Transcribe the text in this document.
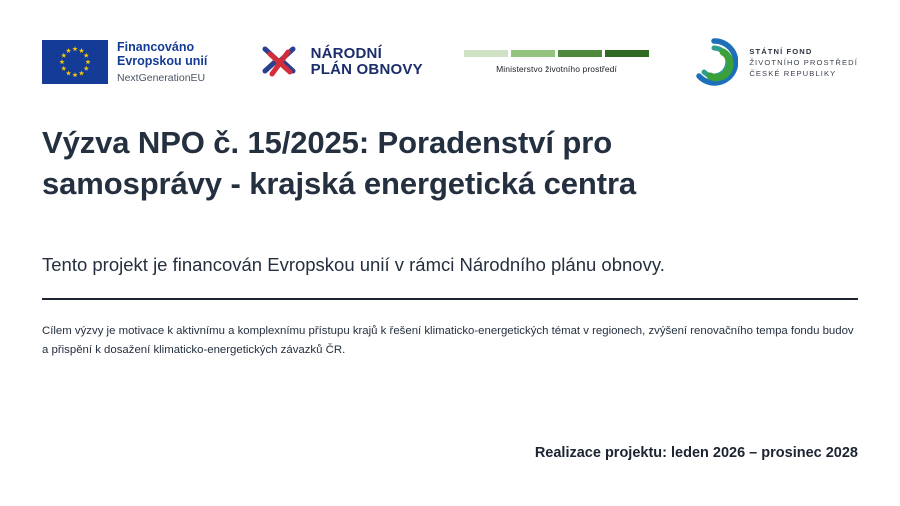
Financováno
Evropskou unií
NextGenerationEU
NÁRODNÍ
PLÁN OBNOVY	Ministerstvo životního prostředí
STÁTNÍ FOND
ŽIVOTNÍHO PROSTŘEDÍ
ČESKÉ REPUBLIKY
Výzva NPO č. 15/2025: Poradenství pro samosprávy - krajská energetická centra
Tento projekt je financován Evropskou unií v rámci Národního plánu obnovy.
Cílem výzvy je motivace k aktivnímu a komplexnímu přístupu krajů k řešení klimaticko-energetických témat v regionech, zvýšení renovačního tempa fondu budov a přispění k dosažení klimaticko-energetických závazků ČR.
Realizace projektu: leden 2026 – prosinec 2028
